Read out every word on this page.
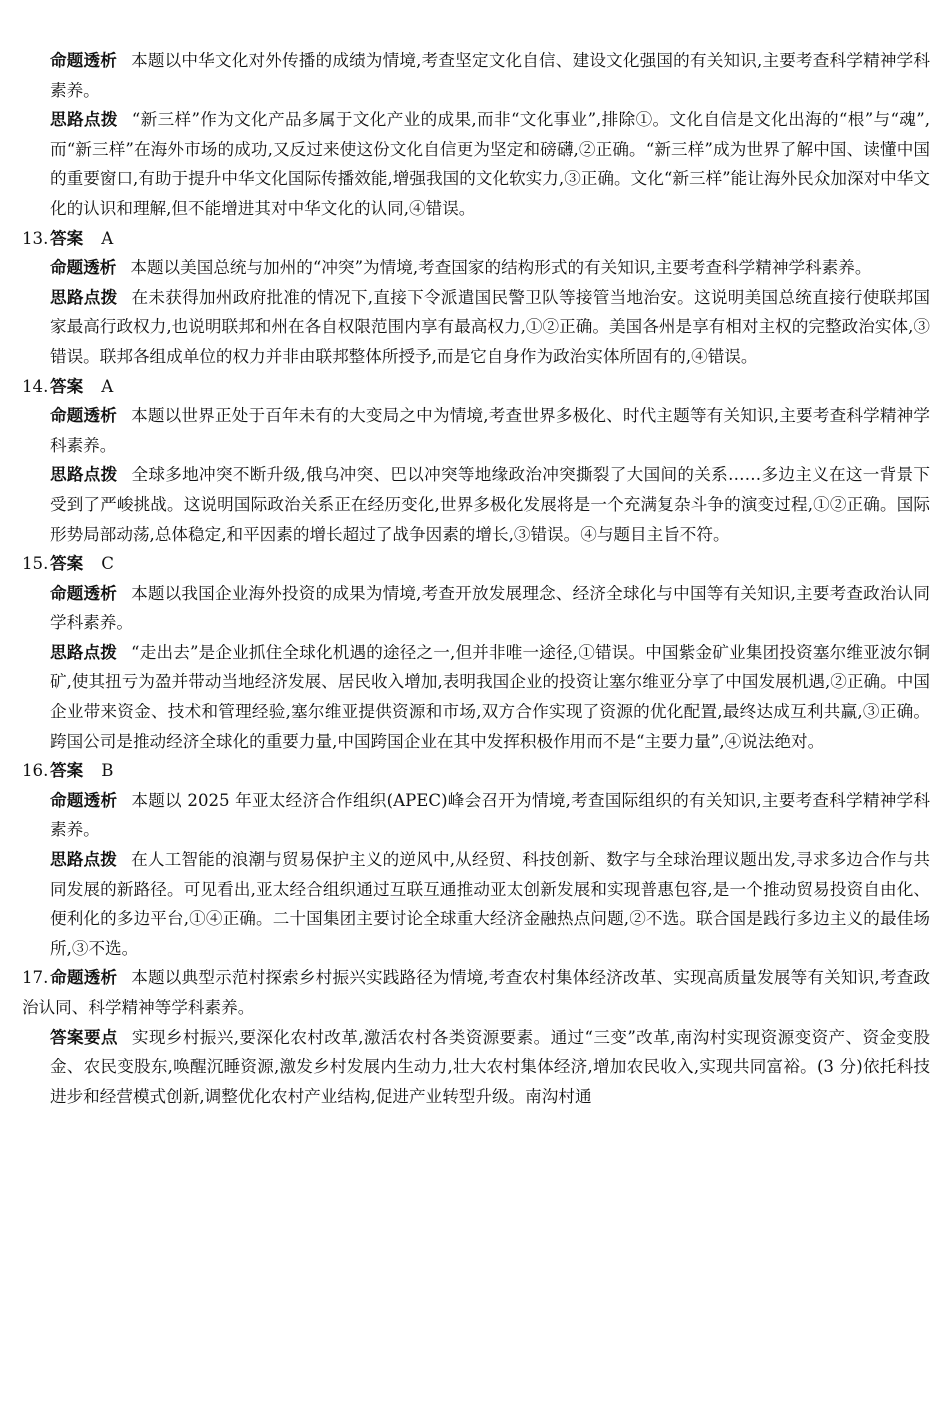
命题透析 本题以中华文化对外传播的成绩为情境,考查坚定文化自信、建设文化强国的有关知识,主要考查科学精神学科素养。
思路点拨 “新三样”作为文化产品多属于文化产业的成果,而非“文化事业”,排除①。文化自信是文化出海的“根”与“魂”,而“新三样”在海外市场的成功,又反过来使这份文化自信更为坚定和磅礴,②正确。“新三样”成为世界了解中国、读懂中国的重要窗口,有助于提升中华文化国际传播效能,增强我国的文化软实力,③正确。文化“新三样”能让海外民众加深对中华文化的认识和理解,但不能增进其对中华文化的认同,④错误。
13.答案 A
命题透析 本题以美国总统与加州的“冲突”为情境,考查国家的结构形式的有关知识,主要考查科学精神学科素养。
思路点拨 在未获得加州政府批准的情况下,直接下令派遣国民警卫队等接管当地治安。这说明美国总统直接行使联邦国家最高行政权力,也说明联邦和州在各自权限范围内享有最高权力,①②正确。美国各州是享有相对主权的完整政治实体,③错误。联邦各组成单位的权力并非由联邦整体所授予,而是它自身作为政治实体所固有的,④错误。
14.答案 A
命题透析 本题以世界正处于百年未有的大变局之中为情境,考查世界多极化、时代主题等有关知识,主要考查科学精神学科素养。
思路点拨 全球多地冲突不断升级,俄乌冲突、巴以冲突等地缘政治冲突撕裂了大国间的关系……多边主义在这一背景下受到了严峻挑战。这说明国际政治关系正在经历变化,世界多极化发展将是一个充满复杂斗争的演变过程,①②正确。国际形势局部动荡,总体稳定,和平因素的增长超过了战争因素的增长,③错误。④与题目主旨不符。
15.答案 C
命题透析 本题以我国企业海外投资的成果为情境,考查开放发展理念、经济全球化与中国等有关知识,主要考查政治认同学科素养。
思路点拨 “走出去”是企业抓住全球化机遇的途径之一,但并非唯一途径,①错误。中国紫金矿业集团投资塞尔维亚波尔铜矿,使其扭亏为盈并带动当地经济发展、居民收入增加,表明我国企业的投资让塞尔维亚分享了中国发展机遇,②正确。中国企业带来资金、技术和管理经验,塞尔维亚提供资源和市场,双方合作实现了资源的优化配置,最终达成互利共赢,③正确。跨国公司是推动经济全球化的重要力量,中国跨国企业在其中发挥积极作用而不是“主要力量”,④说法绝对。
16.答案 B
命题透析 本题以 2025 年亚太经济合作组织(APEC)峰会召开为情境,考查国际组织的有关知识,主要考查科学精神学科素养。
思路点拨 在人工智能的浪潮与贸易保护主义的逆风中,从经贸、科技创新、数字与全球治理议题出发,寻求多边合作与共同发展的新路径。可见看出,亚太经合组织通过互联互通推动亚太创新发展和实现普惠包容,是一个推动贸易投资自由化、便利化的多边平台,①④正确。二十国集团主要讨论全球重大经济金融热点问题,②不选。联合国是践行多边主义的最佳场所,③不选。
17.命题透析 本题以典型示范村探索乡村振兴实践路径为情境,考查农村集体经济改革、实现高质量发展等有关知识,考查政治认同、科学精神等学科素养。
答案要点 实现乡村振兴,要深化农村改革,激活农村各类资源要素。通过“三变”改革,南沟村实现资源变资产、资金变股金、农民变股东,唤醒沉睡资源,激发乡村发展内生动力,壮大农村集体经济,增加农民收入,实现共同富裕。(3 分)依托科技进步和经营模式创新,调整优化农村产业结构,促进产业转型升级。南沟村通
